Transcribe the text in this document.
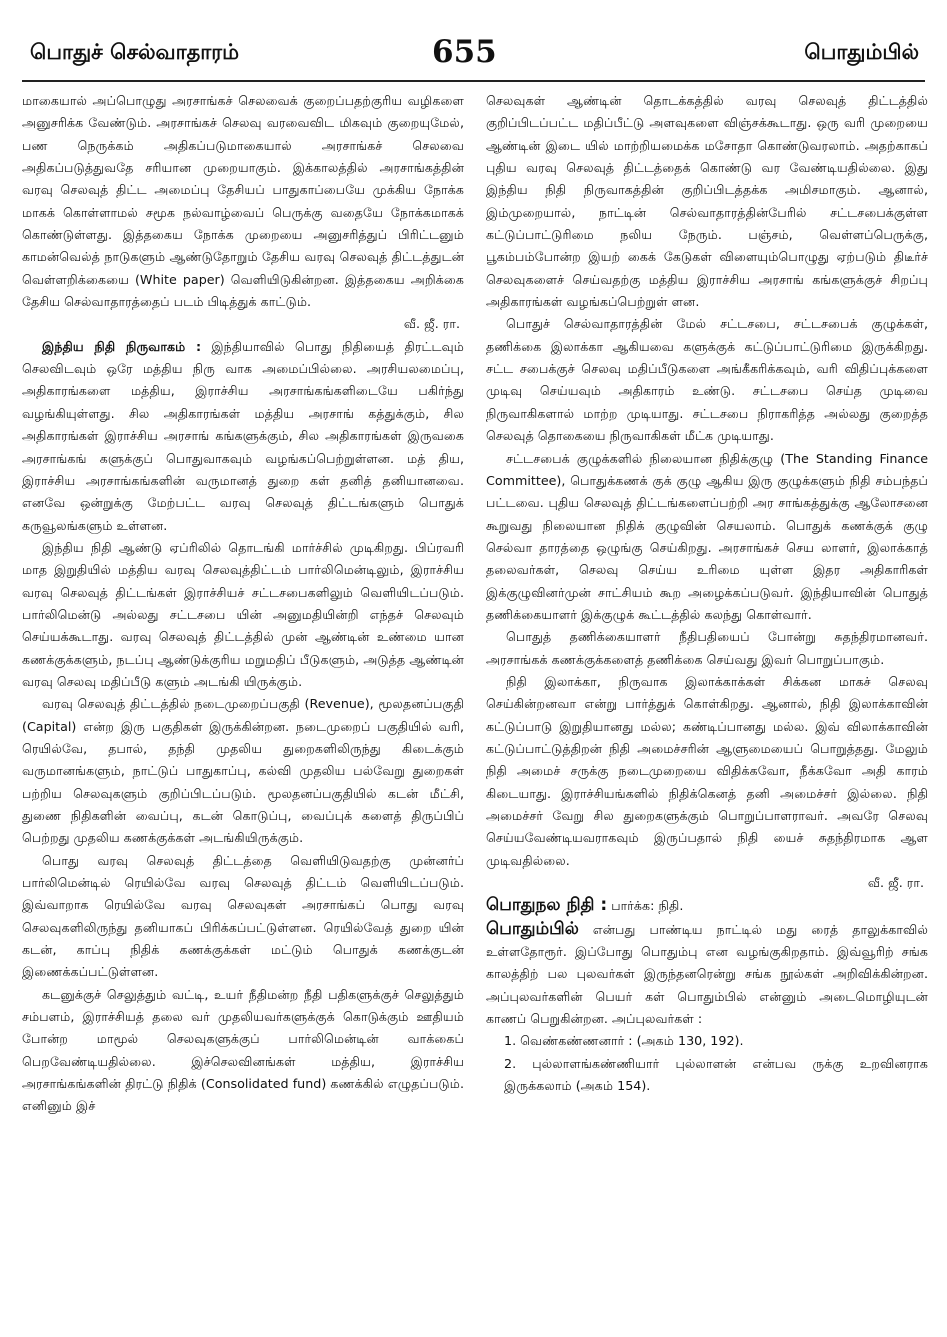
பொதுச் செல்வாதாரம்	655	பொதும்பில்

மாகையால் அப்பொழுது அரசாங்கச் செலவைக் குறைப்பதற்குரிய வழிகளை அனுசரிக்க வேண்டும். அரசாங்கச் செலவு வரவைவிட மிகவும் குறையுமேல், பண நெருக்கம் அதிகப்படுமாகையால் அரசாங்கச் செலவை அதிகப்படுத்துவதே சரியான முறையாகும். இக்காலத்தில் அரசாங்கத்தின் வரவு செலவுத் திட்ட அமைப்பு தேசியப் பாதுகாப்பையே முக்கிய நோக்க மாகக் கொள்ளாமல் சமூக நல்வாழ்வைப் பெருக்கு வதையே நோக்கமாகக் கொண்டுள்ளது. இத்தகைய நோக்க முறையை அனுசரித்துப் பிரிட்டனும் காமன்வெல்த் நாடுகளும் ஆண்டுதோறும் தேசிய வரவு செலவுத் திட்டத்துடன் வெள்ளறிக்கையை (White paper) வெளியிடுகின்றன. இத்தகைய அறிக்கை தேசிய செல்வாதாரத்தைப் படம் பிடித்துக் காட்டும்.

வீ. ஜீ. ரா.

இந்திய நிதி நிருவாகம் : இந்தியாவில் பொது நிதியைத் திரட்டவும் செலவிடவும் ஒரே மத்திய நிரு வாக அமைப்பில்லை. அரசியலமைப்பு, அதிகாரங்களை மத்திய, இராச்சிய அரசாங்கங்களிடையே பகிர்ந்து வழங்கியுள்ளது. சில அதிகாரங்கள் மத்திய அரசாங் கத்துக்கும், சில அதிகாரங்கள் இராச்சிய அரசாங் கங்களுக்கும், சில அதிகாரங்கள் இருவகை அரசாங்கங் களுக்குப் பொதுவாகவும் வழங்கப்பெற்றுள்ளன. மத் திய, இராச்சிய அரசாங்கங்களின் வருமானத் துறை கள் தனித் தனியானவை. எனவே ஒன்றுக்கு மேற்பட்ட வரவு செலவுத் திட்டங்களும் பொதுக் கருவூலங்களும் உள்ளன.

இந்திய நிதி ஆண்டு ஏப்ரிலில் தொடங்கி மார்ச்சில் முடிகிறது. பிப்ரவரி மாத இறுதியில் மத்திய வரவு செலவுத்திட்டம் பார்லிமென்டிலும், இராச்சிய வரவு செலவுத் திட்டங்கள் இராச்சியச் சட்டசபைகளிலும் வெளியிடப்படும். பார்லிமென்டு அல்லது சட்டசபை யின் அனுமதியின்றி எந்தச் செலவும் செய்யக்கூடாது. வரவு செலவுத் திட்டத்தில் முன் ஆண்டின் உண்மை யான கணக்குக்களும், நடப்பு ஆண்டுக்குரிய மறுமதிப் பீடுகளும், அடுத்த ஆண்டின் வரவு செலவு மதிப்பீடு களும் அடங்கி யிருக்கும்.

வரவு செலவுத் திட்டத்தில் நடைமுறைப்பகுதி (Revenue), மூலதனப்பகுதி (Capital) என்ற இரு பகுதிகள் இருக்கின்றன. நடைமுறைப் பகுதியில் வரி, ரெயில்வே, தபால், தந்தி முதலிய துறைகளிலிருந்து கிடைக்கும் வருமானங்களும், நாட்டுப் பாதுகாப்பு, கல்வி முதலிய பல்வேறு துறைகள் பற்றிய செலவுகளும் குறிப்பிடப்படும். மூலதனப்பகுதியில் கடன் மீட்சி, துணை நிதிகளின் வைப்பு, கடன் கொடுப்பு, வைப்புக் களைத் திருப்பிப் பெற்றது முதலிய கணக்குக்கள் அடங்கியிருக்கும்.

பொது வரவு செலவுத் திட்டத்தை வெளியிடுவதற்கு முன்னர்ப் பார்லிமென்டில் ரெயில்வே வரவு செலவுத் திட்டம் வெளியிடப்படும். இவ்வாறாக ரெயில்வே வரவு செலவுகள் அரசாங்கப் பொது வரவு செலவுகளிலிருந்து தனியாகப் பிரிக்கப்பட்டுள்ளன. ரெயில்வேத் துறை யின் கடன், காப்பு நிதிக் கணக்குக்கள் மட்டும் பொதுக் கணக்குடன் இணைக்கப்பட்டுள்ளன.

கடனுக்குச் செலுத்தும் வட்டி, உயர் நீதிமன்ற நீதி பதிகளுக்குச் செலுத்தும் சம்பளம், இராச்சியத் தலை வர் முதலியவர்களுக்குக் கொடுக்கும் ஊதியம் போன்ற மாமூல் செலவுகளுக்குப் பார்லிமென்டின் வாக்கைப் பெறவேண்டியதில்லை. இச்செலவினங்கள் மத்திய, இராச்சிய அரசாங்கங்களின் திரட்டு நிதிக் (Consolidated fund) கணக்கில் எழுதப்படும். எனினும் இச்

செலவுகள் ஆண்டின் தொடக்கத்தில் வரவு செலவுத் திட்டத்தில் குறிப்பிடப்பட்ட மதிப்பீட்டு அளவுகளை விஞ்சக்கூடாது. ஒரு வரி முறையை ஆண்டின் இடை யில் மாற்றியமைக்க மசோதா கொண்டுவரலாம். அதற்காகப் புதிய வரவு செலவுத் திட்டத்தைக் கொண்டு வர வேண்டியதில்லை. இது இந்திய நிதி நிருவாகத்தின் குறிப்பிடத்தக்க அமிசமாகும். ஆனால், இம்முறையால், நாட்டின் செல்வாதாரத்தின்பேரில் சட்டசபைக்குள்ள கட்டுப்பாட்டுரிமை நலிய நேரும். பஞ்சம், வெள்ளப்பெருக்கு, பூகம்பம்போன்ற இயற் கைக் கேடுகள் விளையும்பொழுது ஏற்படும் திடீர்ச் செலவுகளைச் செய்வதற்கு மத்திய இராச்சிய அரசாங் கங்களுக்குச் சிறப்பு அதிகாரங்கள் வழங்கப்பெற்றுள் ளன.

பொதுச் செல்வாதாரத்தின் மேல் சட்டசபை, சட்டசபைக் குழுக்கள், தணிக்கை இலாக்கா ஆகியவை களுக்குக் கட்டுப்பாட்டுரிமை இருக்கிறது. சட்ட சபைக்குச் செலவு மதிப்பீடுகளை அங்கீகரிக்கவும், வரி விதிப்புக்களை முடிவு செய்யவும் அதிகாரம் உண்டு. சட்டசபை செய்த முடிவை நிருவாகிகளால் மாற்ற முடியாது. சட்டசபை நிராகரித்த அல்லது குறைத்த செலவுத் தொகையை நிருவாகிகள் மீட்க முடியாது.

சட்டசபைக் குழுக்களில் நிலையான நிதிக்குழு (The Standing Finance Committee), பொதுக்கணக் குக் குழு ஆகிய இரு குழுக்களும் நிதி சம்பந்தப் பட்டவை. புதிய செலவுத் திட்டங்களைப்பற்றி அர சாங்கத்துக்கு ஆலோசனை கூறுவது நிலையான நிதிக் குழுவின் செயலாம். பொதுக் கணக்குக் குழு செல்வா தாரத்தை ஒழுங்கு செய்கிறது. அரசாங்கச் செய லாளர், இலாக்காத் தலைவர்கள், செலவு செய்ய உரிமை யுள்ள இதர அதிகாரிகள் இக்குழுவினர்முன் சாட்சியம் கூற அழைக்கப்படுவர். இந்தியாவின் பொதுத் தணிக்கையாளர் இக்குழுக் கூட்டத்தில் கலந்து கொள்வார்.

பொதுத் தணிக்கையாளர் நீதிபதியைப் போன்று சுதந்திரமானவர். அரசாங்கக் கணக்குக்களைத் தணிக்கை செய்வது இவர் பொறுப்பாகும்.

நிதி இலாக்கா, நிருவாக இலாக்காக்கள் சிக்கன மாகச் செலவு செய்கின்றனவா என்று பார்த்துக் கொள்கிறது. ஆனால், நிதி இலாக்காவின் கட்டுப்பாடு இறுதியானது மல்ல; கண்டிப்பானது மல்ல. இவ் விலாக்காவின் கட்டுப்பாட்டுத்திறன் நிதி அமைச்சரின் ஆளுமையைப் பொறுத்தது. மேலும் நிதி அமைச் சருக்கு நடைமுறையை விதிக்கவோ, நீக்கவோ அதி காரம் கிடையாது. இராச்சியங்களில் நிதிக்கெனத் தனி அமைச்சர் இல்லை. நிதி அமைச்சர் வேறு சில துறைகளுக்கும் பொறுப்பாளராவர். அவரே செலவு செய்யவேண்டியவராகவும் இருப்பதால் நிதி யைச் சுதந்திரமாக ஆள முடிவதில்லை.

வீ. ஜீ. ரா.

பொதுநல நிதி : பார்க்க: நிதி.

பொதும்பில் என்பது பாண்டிய நாட்டில் மது ரைத் தாலுக்காவில் உள்ளதோரூர். இப்போது பொதும்பு என வழங்குகிறதாம். இவ்வூரிற் சங்க காலத்திற் பல புலவர்கள் இருந்தனரென்று சங்க நூல்கள் அறிவிக்கின்றன. அப்புலவர்களின் பெயர் கள் பொதும்பில் என்னும் அடைமொழியுடன் காணப் பெறுகின்றன. அப்புலவர்கள் :

1. வெண்கண்ணனார் : (அகம் 130, 192).

2. புல்லாளங்கண்ணியார் புல்லாளன் என்பவ ருக்கு உறவினராக இருக்கலாம் (அகம் 154).
